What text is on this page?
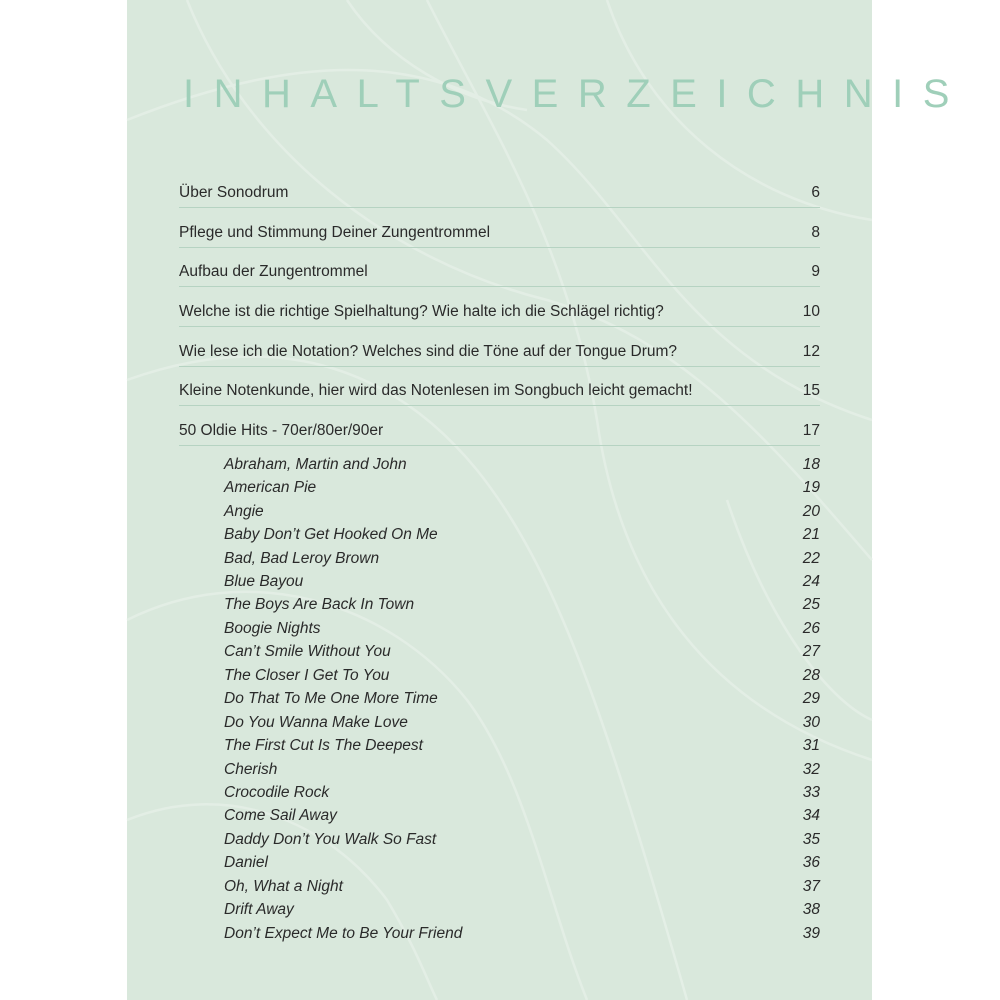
INHALTSVERZEICHNIS
Über Sonodrum	6
Pflege und Stimmung Deiner Zungentrommel	8
Aufbau der Zungentrommel	9
Welche ist die richtige Spielhaltung? Wie halte ich die Schlägel richtig?	10
Wie lese ich die Notation? Welches sind die Töne auf der Tongue Drum?	12
Kleine Notenkunde, hier wird das Notenlesen im Songbuch leicht gemacht!	15
50 Oldie Hits - 70er/80er/90er	17
Abraham, Martin and John	18
American Pie	19
Angie	20
Baby Don’t Get Hooked On Me	21
Bad, Bad Leroy Brown	22
Blue Bayou	24
The Boys Are Back In Town	25
Boogie Nights	26
Can’t Smile Without You	27
The Closer I Get To You	28
Do That To Me One More Time	29
Do You Wanna Make Love	30
The First Cut Is The Deepest	31
Cherish	32
Crocodile Rock	33
Come Sail Away	34
Daddy Don’t You Walk So Fast	35
Daniel	36
Oh, What a Night	37
Drift Away	38
Don’t Expect Me to Be Your Friend	39
